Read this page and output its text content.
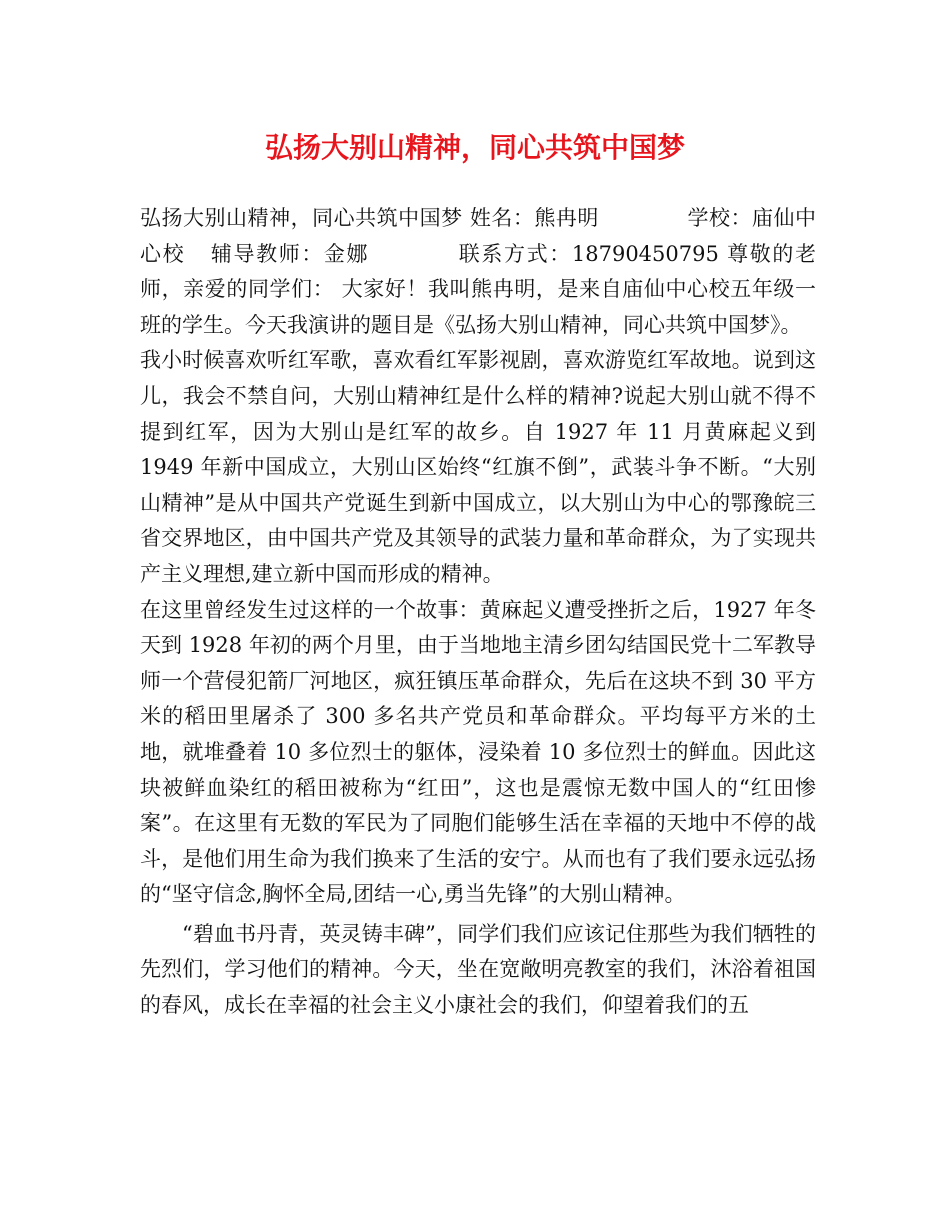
弘扬大别山精神，同心共筑中国梦

弘扬大别山精神，同心共筑中国梦 姓名：熊冉明	学校：庙仙中心校 辅导教师：金娜	联系方式：18790450795 尊敬的老师，亲爱的同学们： 大家好！我叫熊冉明，是来自庙仙中心校五年级一班的学生。今天我演讲的题目是《弘扬大别山精神，同心共筑中国梦》。

我小时候喜欢听红军歌，喜欢看红军影视剧，喜欢游览红军故地。说到这儿，我会不禁自问，大别山精神红是什么样的精神?说起大别山就不得不提到红军，因为大别山是红军的故乡。自 1927 年 11 月黄麻起义到 1949 年新中国成立，大别山区始终“红旗不倒”，武装斗争不断。“大别山精神”是从中国共产党诞生到新中国成立，以大别山为中心的鄂豫皖三省交界地区，由中国共产党及其领导的武装力量和革命群众，为了实现共产主义理想,建立新中国而形成的精神。

在这里曾经发生过这样的一个故事：黄麻起义遭受挫折之后，1927 年冬天到 1928 年初的两个月里，由于当地地主清乡团勾结国民党十二军教导师一个营侵犯箭厂河地区，疯狂镇压革命群众，先后在这块不到 30 平方米的稻田里屠杀了 300 多名共产党员和革命群众。平均每平方米的土地，就堆叠着 10 多位烈士的躯体，浸染着 10 多位烈士的鲜血。因此这块被鲜血染红的稻田被称为“红田”，这也是震惊无数中国人的“红田惨案”。在这里有无数的军民为了同胞们能够生活在幸福的天地中不停的战斗，是他们用生命为我们换来了生活的安宁。从而也有了我们要永远弘扬的“坚守信念,胸怀全局,团结一心,勇当先锋”的大别山精神。

“碧血书丹青，英灵铸丰碑”，同学们我们应该记住那些为我们牺牲的先烈们，学习他们的精神。今天，坐在宽敞明亮教室的我们，沐浴着祖国的春风，成长在幸福的社会主义小康社会的我们，仰望着我们的五
